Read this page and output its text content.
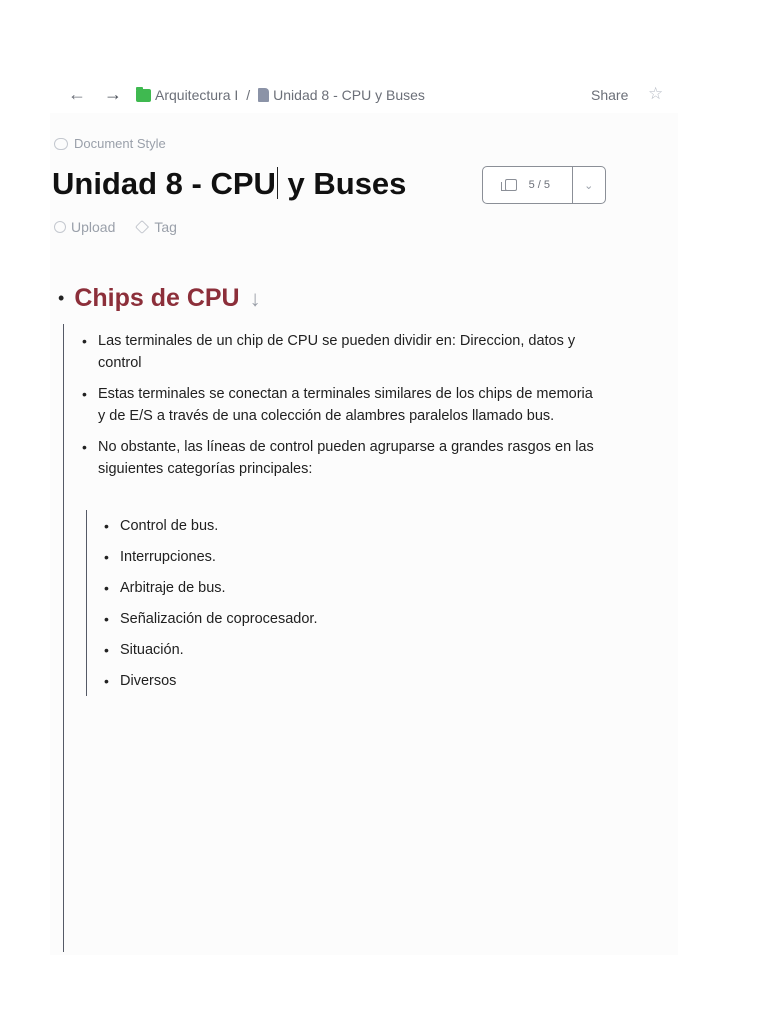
← → Arquitectura I / Unidad 8 - CPU y Buses	Share ☆
Document Style
Unidad 8 - CPU y Buses	5 / 5	⌄
Upload	Tag
• Chips de CPU ↓
• Las terminales de un chip de CPU se pueden dividir en: Direccion, datos y control
• Estas terminales se conectan a terminales similares de los chips de memoria y de E/S a través de una colección de alambres paralelos llamado bus.
• No obstante, las líneas de control pueden agruparse a grandes rasgos en las siguientes categorías principales:
• Control de bus.
• Interrupciones.
• Arbitraje de bus.
• Señalización de coprocesador.
• Situación.
• Diversos
